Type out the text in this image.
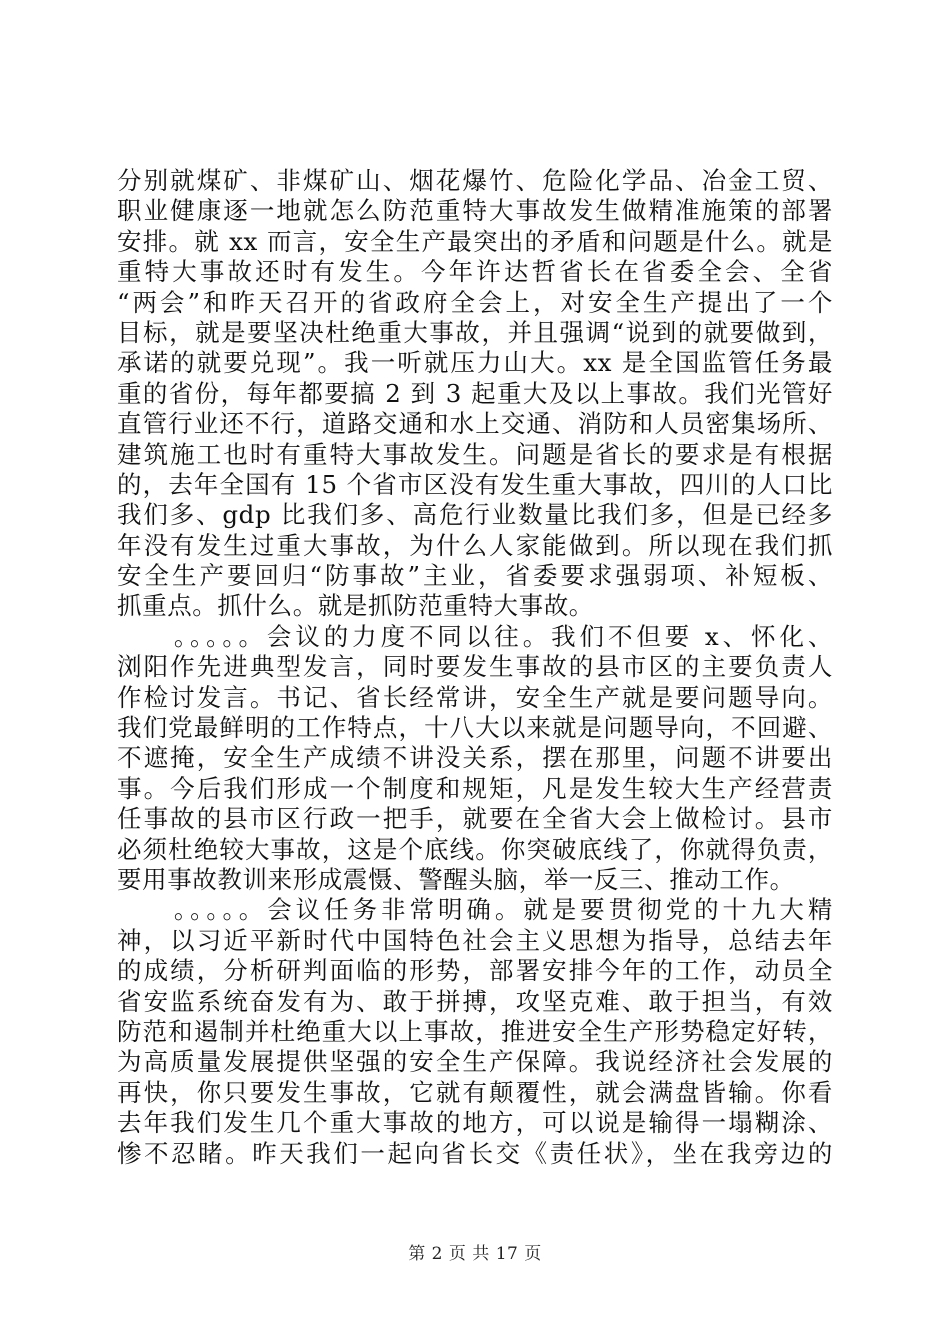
分别就煤矿、非煤矿山、烟花爆竹、危险化学品、冶金工贸、
职业健康逐一地就怎么防范重特大事故发生做精准施策的部署
安排。就 xx 而言，安全生产最突出的矛盾和问题是什么。就是
重特大事故还时有发生。今年许达哲省长在省委全会、全省
“两会”和昨天召开的省政府全会上，对安全生产提出了一个
目标，就是要坚决杜绝重大事故，并且强调“说到的就要做到，
承诺的就要兑现”。我一听就压力山大。xx 是全国监管任务最
重的省份，每年都要搞 2 到 3 起重大及以上事故。我们光管好
直管行业还不行，道路交通和水上交通、消防和人员密集场所、
建筑施工也时有重特大事故发生。问题是省长的要求是有根据
的，去年全国有 15 个省市区没有发生重大事故，四川的人口比
我们多、gdp 比我们多、高危行业数量比我们多，但是已经多
年没有发生过重大事故，为什么人家能做到。所以现在我们抓
安全生产要回归“防事故”主业，省委要求强弱项、补短板、
抓重点。抓什么。就是抓防范重特大事故。
　　。。。。。会议的力度不同以往。我们不但要 x、怀化、
浏阳作先进典型发言，同时要发生事故的县市区的主要负责人
作检讨发言。书记、省长经常讲，安全生产就是要问题导向。
我们党最鲜明的工作特点，十八大以来就是问题导向，不回避、
不遮掩，安全生产成绩不讲没关系，摆在那里，问题不讲要出
事。今后我们形成一个制度和规矩，凡是发生较大生产经营责
任事故的县市区行政一把手，就要在全省大会上做检讨。县市
必须杜绝较大事故，这是个底线。你突破底线了，你就得负责，
要用事故教训来形成震慑、警醒头脑，举一反三、推动工作。
　　。。。。。会议任务非常明确。就是要贯彻党的十九大精
神，以习近平新时代中国特色社会主义思想为指导，总结去年
的成绩，分析研判面临的形势，部署安排今年的工作，动员全
省安监系统奋发有为、敢于拼搏，攻坚克难、敢于担当，有效
防范和遏制并杜绝重大以上事故，推进安全生产形势稳定好转，
为高质量发展提供坚强的安全生产保障。我说经济社会发展的
再快，你只要发生事故，它就有颠覆性，就会满盘皆输。你看
去年我们发生几个重大事故的地方，可以说是输得一塌糊涂、
惨不忍睹。昨天我们一起向省长交《责任状》，坐在我旁边的
第 2 页 共 17 页
